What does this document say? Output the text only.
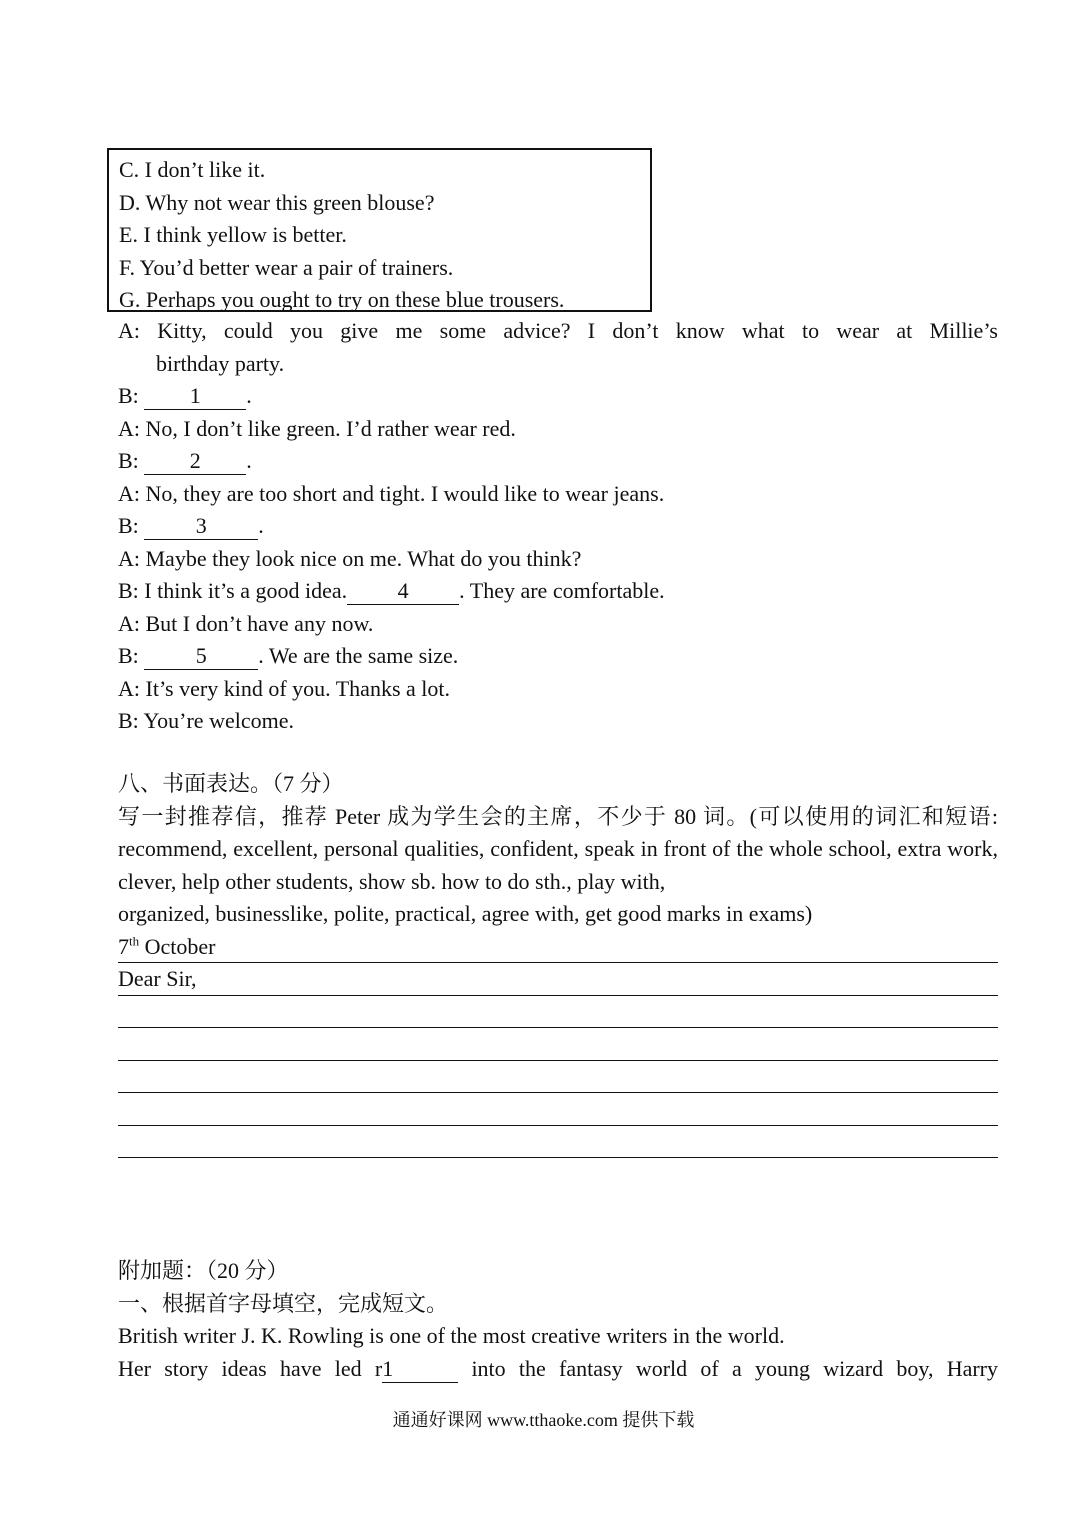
C. I don’t like it.
D. Why not wear this green blouse?
E. I think yellow is better.
F. You’d better wear a pair of trainers.
G. Perhaps you ought to try on these blue trousers.
A: Kitty, could you give me some advice? I don’t know what to wear at Millie’s
birthday party.
B: 1 .
A: No, I don’t like green. I’d rather wear red.
B: 2 .
A: No, they are too short and tight. I would like to wear jeans.
B: 3 .
A: Maybe they look nice on me. What do you think?
B: I think it’s a good idea. 4 . They are comfortable.
A: But I don’t have any now.
B: 5 . We are the same size.
A: It’s very kind of you. Thanks a lot.
B: You’re welcome.
八、书面表达。（7 分）
写一封推荐信，推荐 Peter 成为学生会的主席，不少于 80 词。(可以使用的词汇和短语: recommend, excellent, personal qualities, confident, speak in front of the whole school, extra work, clever, help other students, show sb. how to do sth., play with,
organized, businesslike, polite, practical, agree with, get good marks in exams)
7th October
Dear Sir,
附加题：（20 分）
一、根据首字母填空，完成短文。
British writer J. K. Rowling is one of the most creative writers in the world.
Her story ideas have led r1	into the fantasy world of a young wizard boy, Harry
通通好课网 www.tthaoke.com 提供下载
